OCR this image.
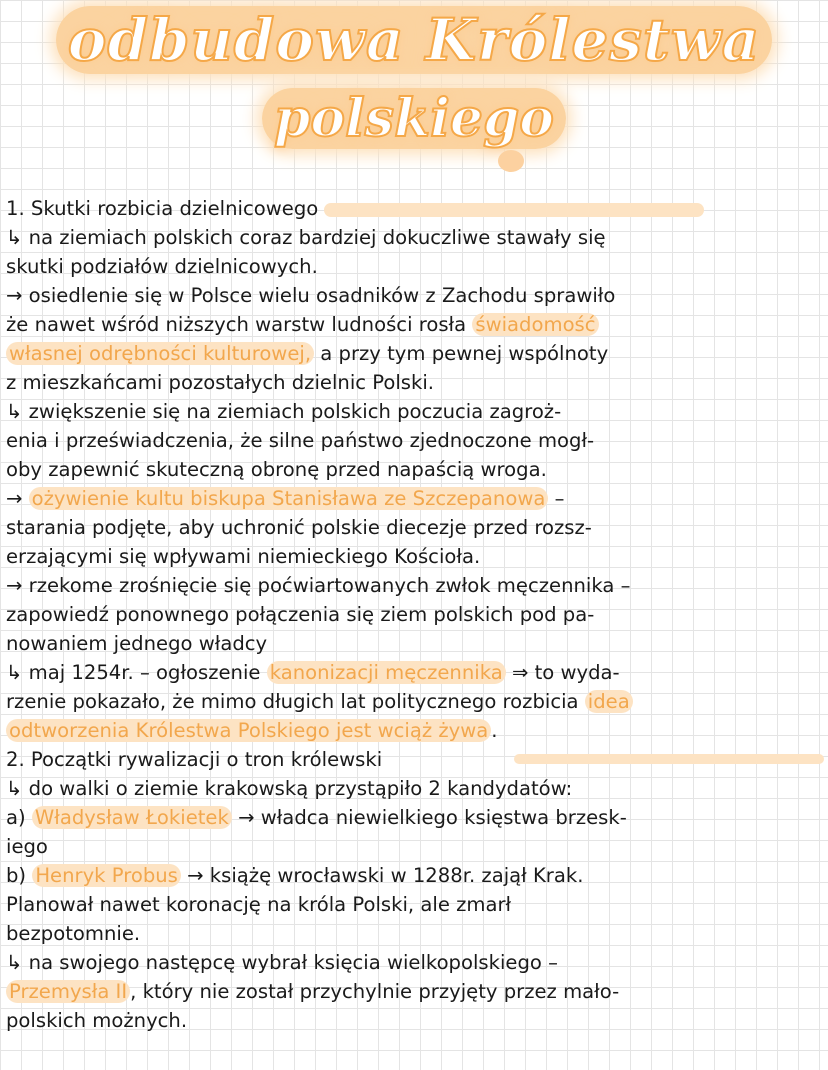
odbudowa Królestwa
polskiego
1. Skutki rozbicia dzielnicowego
↳ na ziemiach polskich coraz bardziej dokuczliwe stawały się
skutki podziałów dzielnicowych.
→ osiedlenie się w Polsce wielu osadników z Zachodu sprawiło
że nawet wśród niższych warstw ludności rosła świadomość
własnej odrębności kulturowej, a przy tym pewnej wspólnoty
z mieszkańcami pozostałych dzielnic Polski.
↳ zwiększenie się na ziemiach polskich poczucia zagroż-
enia i przeświadczenia, że silne państwo zjednoczone mogł-
oby zapewnić skuteczną obronę przed napaścią wroga.
→ ożywienie kultu biskupa Stanisława ze Szczepanowa –
starania podjęte, aby uchronić polskie diecezje przed rozsz-
erzającymi się wpływami niemieckiego Kościoła.
→ rzekome zrośnięcie się poćwiartowanych zwłok męczennika –
zapowiedź ponownego połączenia się ziem polskich pod pa-
nowaniem jednego władcy
↳ maj 1254r. – ogłoszenie kanonizacji męczennika ⇒ to wyda-
rzenie pokazało, że mimo długich lat politycznego rozbicia idea
odtworzenia Królestwa Polskiego jest wciąż żywa .
2. Początki rywalizacji o tron królewski
↳ do walki o ziemie krakowską przystąpiło 2 kandydatów:
a) Władysław Łokietek → władca niewielkiego księstwa brzesk-
iego
b) Henryk Probus → książę wrocławski w 1288r. zajął Krak.
Planował nawet koronację na króla Polski, ale zmarł
bezpotomnie.
↳ na swojego następcę wybrał księcia wielkopolskiego –
Przemysła II , który nie został przychylnie przyjęty przez mało-
polskich możnych.
